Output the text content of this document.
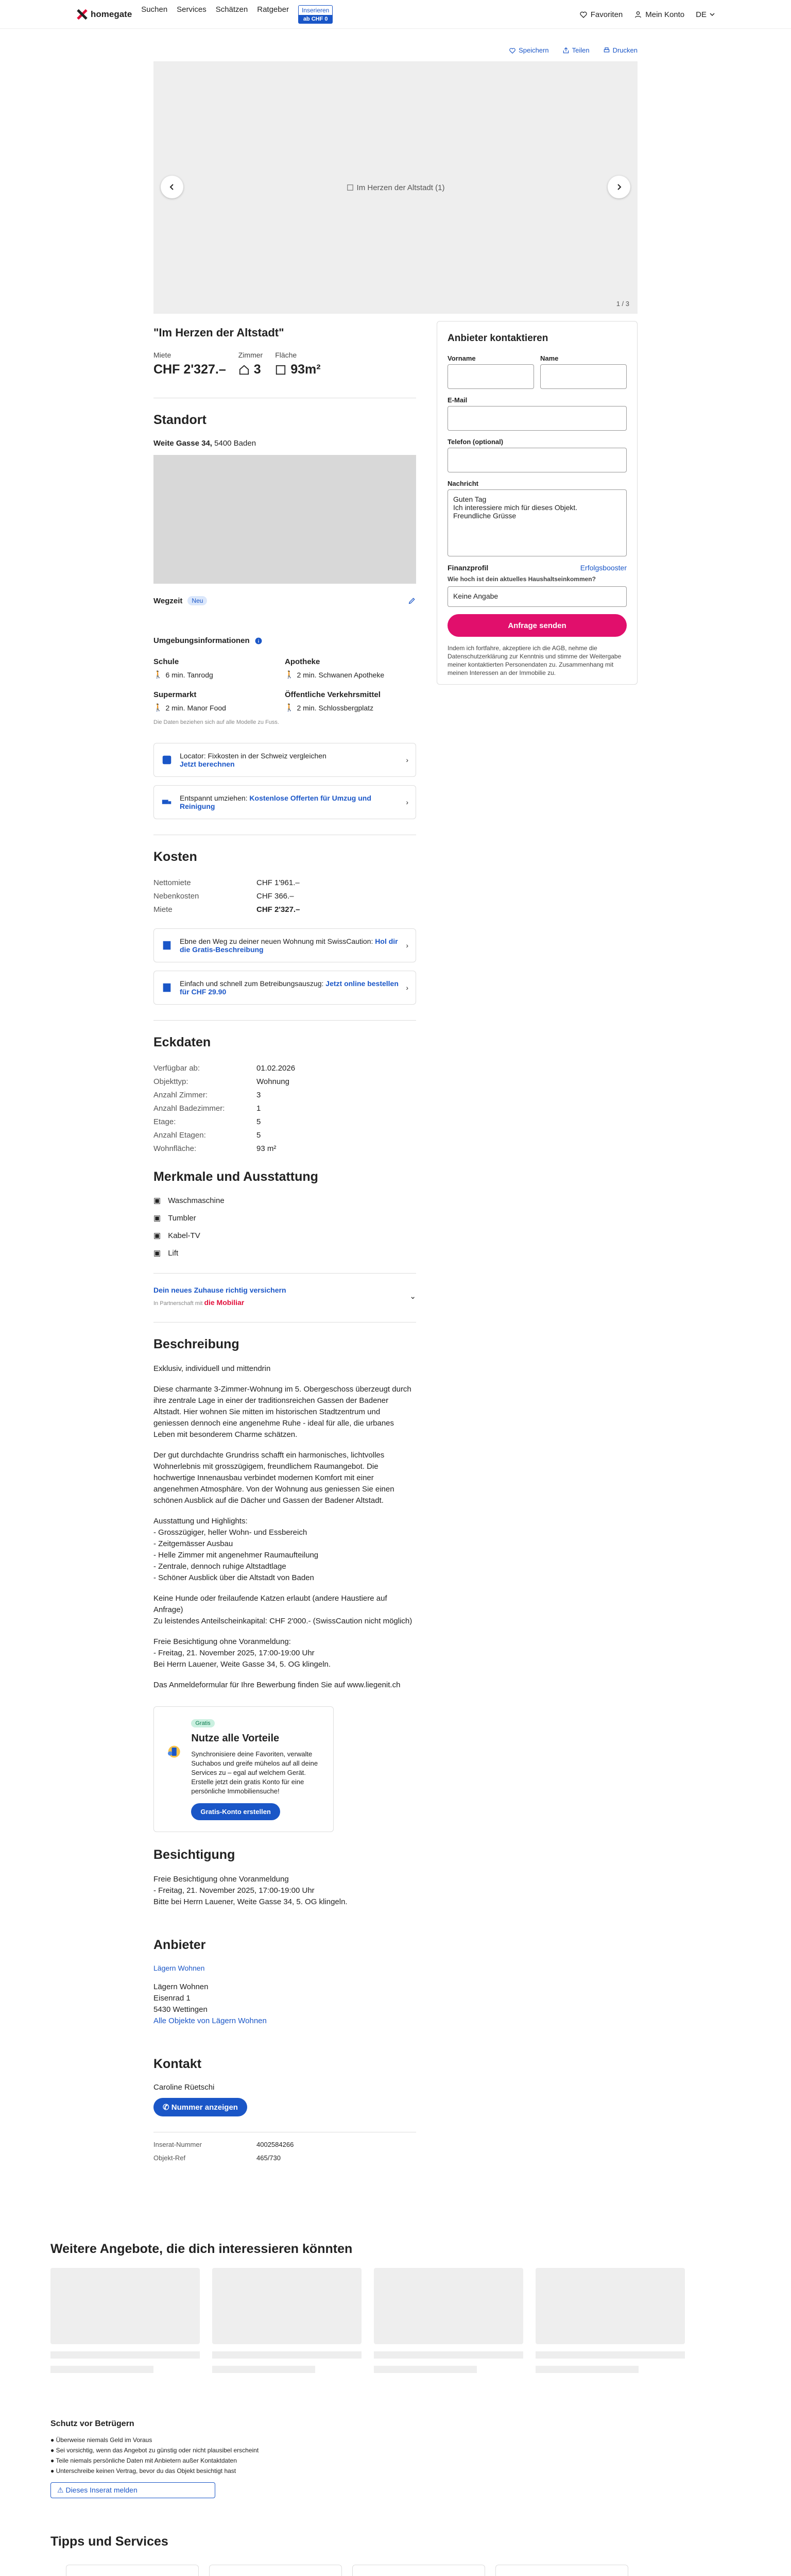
homegate Suchen Services Schätzen Ratgeber	Inserieren
ab CHF 0
Favoriten	Mein Konto DE
Speichern	Teilen	Drucken
Im Herzen der Altstadt (1)
1 / 3
"Im Herzen der Altstadt"
Miete
CHF 2'327.–
Zimmer
3
Fläche
93m²
Standort
Weite Gasse 34, 5400 Baden
Wegzeit	Neu
Umgebungsinformationen
Schule
🚶 6 min. Tanrodg
Apotheke
🚶 2 min. Schwanen Apotheke
Supermarkt
🚶 2 min. Manor Food
Öffentliche Verkehrsmittel
🚶 2 min. Schlossbergplatz
Die Daten beziehen sich auf alle Modelle zu Fuss.
Locator: Fixkosten in der Schweiz vergleichen
Jetzt berechnen	›
Entspannt umziehen: Kostenlose Offerten für Umzug und Reinigung	›
Kosten
Nettomiete	CHF 1'961.–
Nebenkosten	CHF 366.–
Miete	CHF 2'327.–
Ebne den Weg zu deiner neuen Wohnung mit SwissCaution: Hol dir die Gratis-Beschreibung	›
Einfach und schnell zum Betreibungsauszug: Jetzt online bestellen für CHF 29.90	›
Eckdaten
Verfügbar ab:	01.02.2026
Objekttyp:	Wohnung
Anzahl Zimmer:	3
Anzahl Badezimmer:	1
Etage:	5
Anzahl Etagen:	5
Wohnfläche:	93 m²
Merkmale und Ausstattung
▣ Waschmaschine
▣ Tumbler
▣ Kabel-TV
▣ Lift
Dein neues Zuhause richtig versichern
In Partnerschaft mit die Mobiliar
⌄
Beschreibung

Exklusiv, individuell und mittendrin

Diese charmante 3-Zimmer-Wohnung im 5. Obergeschoss überzeugt durch ihre zentrale Lage in einer der traditionsreichen Gassen der Badener Altstadt. Hier wohnen Sie mitten im historischen Stadtzentrum und geniessen dennoch eine angenehme Ruhe - ideal für alle, die urbanes Leben mit besonderem Charme schätzen.

Der gut durchdachte Grundriss schafft ein harmonisches, lichtvolles Wohnerlebnis mit grosszügigem, freundlichem Raumangebot. Die hochwertige Innenausbau verbindet modernen Komfort mit einer angenehmen Atmosphäre. Von der Wohnung aus geniessen Sie einen schönen Ausblick auf die Dächer und Gassen der Badener Altstadt.

Ausstattung und Highlights:
- Grosszügiger, heller Wohn- und Essbereich
- Zeitgemässer Ausbau
- Helle Zimmer mit angenehmer Raumaufteilung
- Zentrale, dennoch ruhige Altstadtlage
- Schöner Ausblick über die Altstadt von Baden

Keine Hunde oder freilaufende Katzen erlaubt (andere Haustiere auf Anfrage)
Zu leistendes Anteilscheinkapital: CHF 2'000.- (SwissCaution nicht möglich)

Freie Besichtigung ohne Voranmeldung:
- Freitag, 21. November 2025, 17:00-19:00 Uhr
Bei Herrn Lauener, Weite Gasse 34, 5. OG klingeln.

Das Anmeldeformular für Ihre Bewerbung finden Sie auf www.liegenit.ch

Gratis
Nutze alle Vorteile
Synchronisiere deine Favoriten, verwalte Suchabos und greife mühelos auf all deine Services zu – egal auf welchem Gerät. Erstelle jetzt dein gratis Konto für eine persönliche Immobiliensuche!
Gratis-Konto erstellen
Besichtigung

Freie Besichtigung ohne Voranmeldung
- Freitag, 21. November 2025, 17:00-19:00 Uhr
Bitte bei Herrn Lauener, Weite Gasse 34, 5. OG klingeln.

Anbieter
Lägern Wohnen
Lägern Wohnen
Eisenrad 1
5430 Wettingen
Alle Objekte von Lägern Wohnen
Kontakt
Caroline Rüetschi
✆ Nummer anzeigen
Inserat-Nummer	4002584266
Objekt-Ref	465/730
Anbieter kontaktieren
Vorname	Name
E-Mail
Telefon (optional)
Nachricht
Guten Tag
Ich interessiere mich für dieses Objekt.
Freundliche Grüsse
Finanzprofil	Erfolgsbooster
Wie hoch ist dein aktuelles Haushaltseinkommen?
Keine Angabe
Anfrage senden
Indem ich fortfahre, akzeptiere ich die AGB, nehme die Datenschutzerklärung zur Kenntnis und stimme der Weitergabe meiner kontaktierten Personendaten zu. Zusammenhang mit meinen Interessen an der Immobilie zu.
Weitere Angebote, die dich interessieren könnten
Schutz vor Betrügern
● Überweise niemals Geld im Voraus
● Sei vorsichtig, wenn das Angebot zu günstig oder nicht plausibel erscheint
● Teile niemals persönliche Daten mit Anbietern außer Kontaktdaten
● Unterschreibe keinen Vertrag, bevor du das Objekt besichtigt hast
⚠ Dieses Inserat melden
Tipps und Services
